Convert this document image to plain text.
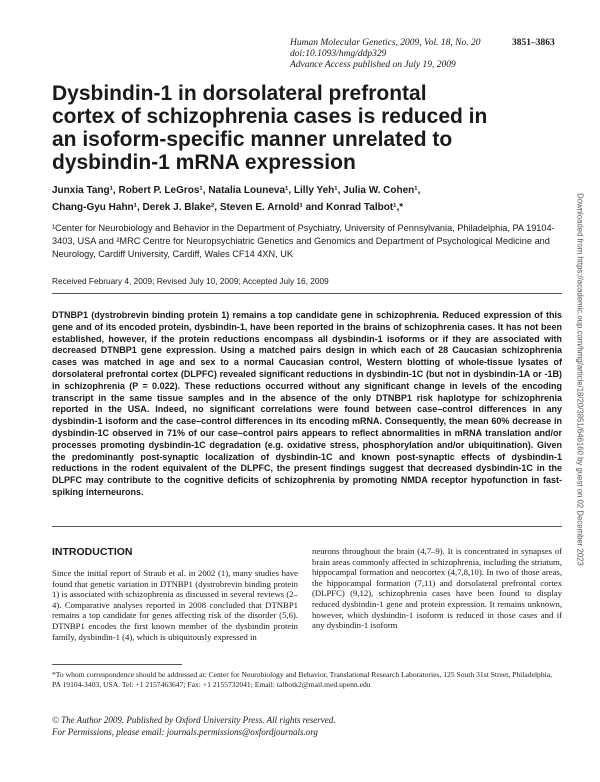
Human Molecular Genetics, 2009, Vol. 18, No. 20	3851–3863
doi:10.1093/hmg/ddp329
Advance Access published on July 19, 2009
Dysbindin-1 in dorsolateral prefrontal cortex of schizophrenia cases is reduced in an isoform-specific manner unrelated to dysbindin-1 mRNA expression
Junxia Tang¹, Robert P. LeGros¹, Natalia Louneva¹, Lilly Yeh¹, Julia W. Cohen¹,
Chang-Gyu Hahn¹, Derek J. Blake², Steven E. Arnold¹ and Konrad Talbot¹,*
¹Center for Neurobiology and Behavior in the Department of Psychiatry, University of Pennsylvania, Philadelphia, PA 19104-3403, USA and ²MRC Centre for Neuropsychiatric Genetics and Genomics and Department of Psychological Medicine and Neurology, Cardiff University, Cardiff, Wales CF14 4XN, UK
Received February 4, 2009; Revised July 10, 2009; Accepted July 16, 2009

DTNBP1 (dystrobrevin binding protein 1) remains a top candidate gene in schizophrenia. Reduced expression of this gene and of its encoded protein, dysbindin-1, have been reported in the brains of schizophrenia cases. It has not been established, however, if the protein reductions encompass all dysbindin-1 isoforms or if they are associated with decreased DTNBP1 gene expression. Using a matched pairs design in which each of 28 Caucasian schizophrenia cases was matched in age and sex to a normal Caucasian control, Western blotting of whole-tissue lysates of dorsolateral prefrontal cortex (DLPFC) revealed significant reductions in dysbindin-1C (but not in dysbindin-1A or -1B) in schizophrenia (P = 0.022). These reductions occurred without any significant change in levels of the encoding transcript in the same tissue samples and in the absence of the only DTNBP1 risk haplotype for schizophrenia reported in the USA. Indeed, no significant correlations were found between case–control differences in any dysbindin-1 isoform and the case–control differences in its encoding mRNA. Consequently, the mean 60% decrease in dysbindin-1C observed in 71% of our case–control pairs appears to reflect abnormalities in mRNA translation and/or processes promoting dysbindin-1C degradation (e.g. oxidative stress, phosphorylation and/or ubiquitination). Given the predominantly post-synaptic localization of dysbindin-1C and known post-synaptic effects of dysbindin-1 reductions in the rodent equivalent of the DLPFC, the present findings suggest that decreased dysbindin-1C in the DLPFC may contribute to the cognitive deficits of schizophrenia by promoting NMDA receptor hypofunction in fast-spiking interneurons.

INTRODUCTION

Since the initial report of Straub et al. in 2002 (1), many studies have found that genetic variation in DTNBP1 (dystrobrevin binding protein 1) is associated with schizophrenia as discussed in several reviews (2–4). Comparative analyses reported in 2008 concluded that DTNBP1 remains a top candidate for genes affecting risk of the disorder (5,6). DTNBP1 encodes the first known member of the dysbindin protein family, dysbindin-1 (4), which is ubiquitously expressed in

neurons throughout the brain (4,7–9). It is concentrated in synapses of brain areas commonly affected in schizophrenia, including the striatum, hippocampal formation and neocortex (4,7,8,10). In two of those areas, the hippocampal formation (7,11) and dorsolateral prefrontal cortex (DLPFC) (9,12), schizophrenia cases have been found to display reduced dysbindin-1 gene and protein expression. It remains unknown, however, which dysbindin-1 isoform is reduced in those cases and if any dysbindin-1 isoform

*To whom correspondence should be addressed at: Center for Neurobiology and Behavior, Translational Research Laboratories, 125 South 31st Street, Philadelphia, PA 19104-3403, USA. Tel: +1 2157463647; Fax: +1 2155732041; Email: talbotk2@mail.med.upenn.edu

© The Author 2009. Published by Oxford University Press. All rights reserved.
For Permissions, please email: journals.permissions@oxfordjournals.org
Downloaded from https://academic.oup.com/hmg/article/18/20/3851/646160 by guest on 02 December 2023
